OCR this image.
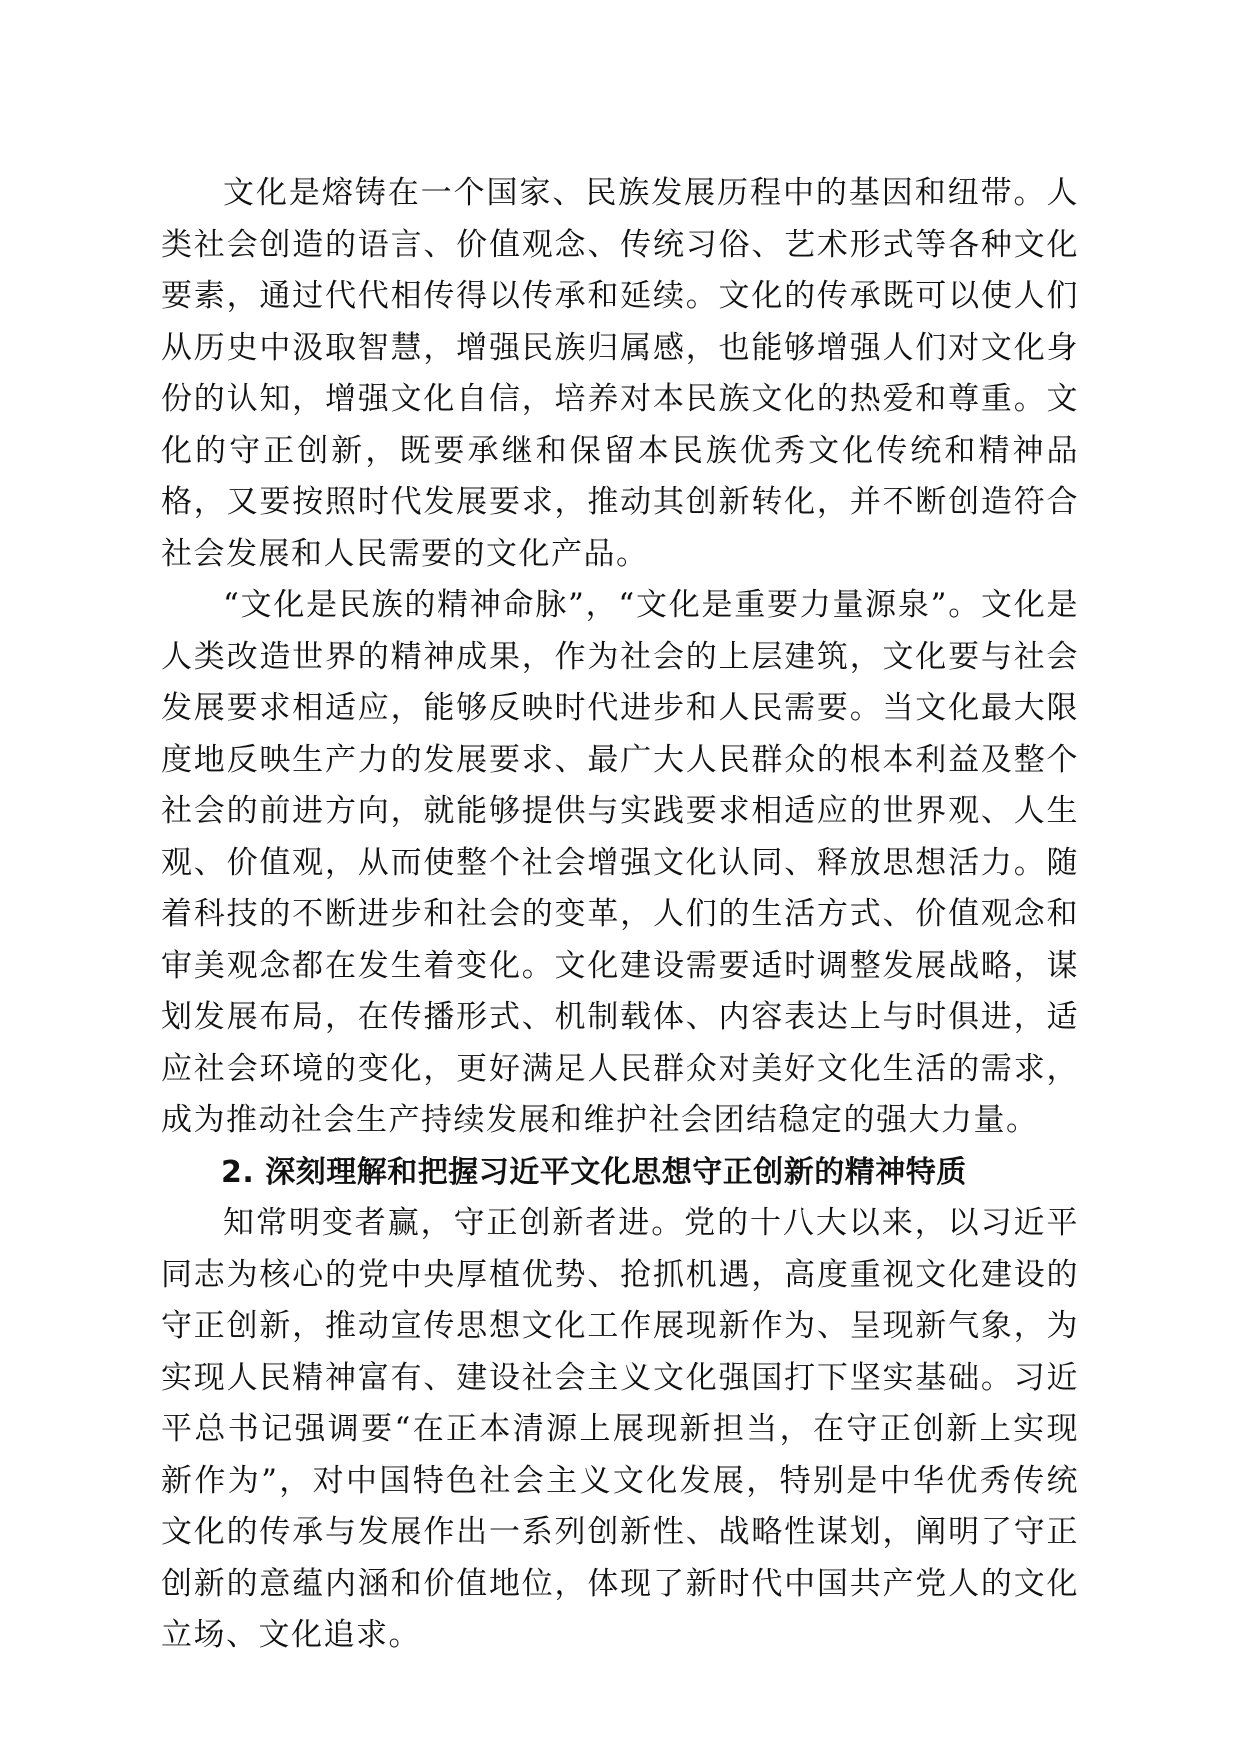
文化是熔铸在一个国家、民族发展历程中的基因和纽带。人类社会创造的语言、价值观念、传统习俗、艺术形式等各种文化要素，通过代代相传得以传承和延续。文化的传承既可以使人们从历史中汲取智慧，增强民族归属感，也能够增强人们对文化身份的认知，增强文化自信，培养对本民族文化的热爱和尊重。文化的守正创新，既要承继和保留本民族优秀文化传统和精神品格，又要按照时代发展要求，推动其创新转化，并不断创造符合社会发展和人民需要的文化产品。

“文化是民族的精神命脉”，“文化是重要力量源泉”。文化是人类改造世界的精神成果，作为社会的上层建筑，文化要与社会发展要求相适应，能够反映时代进步和人民需要。当文化最大限度地反映生产力的发展要求、最广大人民群众的根本利益及整个社会的前进方向，就能够提供与实践要求相适应的世界观、人生观、价值观，从而使整个社会增强文化认同、释放思想活力。随着科技的不断进步和社会的变革，人们的生活方式、价值观念和审美观念都在发生着变化。文化建设需要适时调整发展战略，谋划发展布局，在传播形式、机制载体、内容表达上与时俱进，适应社会环境的变化，更好满足人民群众对美好文化生活的需求，成为推动社会生产持续发展和维护社会团结稳定的强大力量。

2. 深刻理解和把握习近平文化思想守正创新的精神特质

知常明变者赢，守正创新者进。党的十八大以来，以习近平同志为核心的党中央厚植优势、抢抓机遇，高度重视文化建设的守正创新，推动宣传思想文化工作展现新作为、呈现新气象，为实现人民精神富有、建设社会主义文化强国打下坚实基础。习近平总书记强调要“在正本清源上展现新担当，在守正创新上实现新作为”，对中国特色社会主义文化发展，特别是中华优秀传统文化的传承与发展作出一系列创新性、战略性谋划，阐明了守正创新的意蕴内涵和价值地位，体现了新时代中国共产党人的文化立场、文化追求。
